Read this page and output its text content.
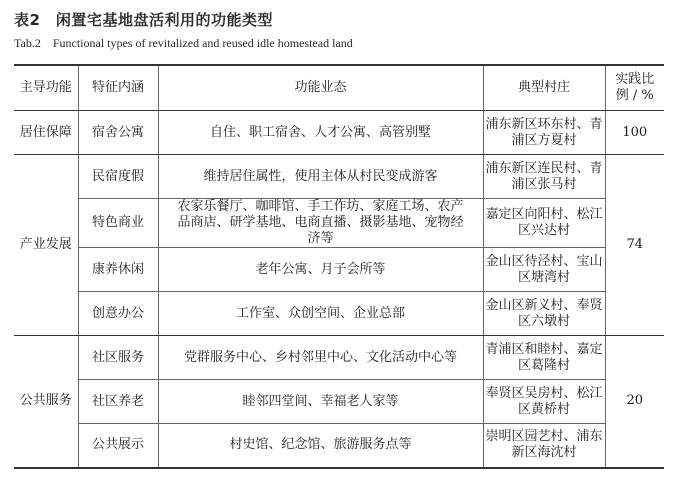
表2　闲置宅基地盘活利用的功能类型
Tab.2　Functional types of revitalized and reused idle homestead land
主导功能	特征内涵	功能业态	典型村庄	实践比例 / %
居住保障	宿舍公寓	自住、职工宿舍、人才公寓、高管别墅	浦东新区环东村、青浦区方夏村	100
产业发展	民宿度假	维持居住属性，使用主体从村民变成游客	浦东新区连民村、青浦区张马村	74
	特色商业	农家乐餐厅、咖啡馆、手工作坊、家庭工场、农产品商店、研学基地、电商直播、摄影基地、宠物经济等	嘉定区向阳村、松江区兴达村	
	康养休闲	老年公寓、月子会所等	金山区待泾村、宝山区塘湾村	
	创意办公	工作室、众创空间、企业总部	金山区新义村、奉贤区六墩村	
公共服务	社区服务	党群服务中心、乡村邻里中心、文化活动中心等	青浦区和睦村、嘉定区葛隆村	20
	社区养老	睦邻四堂间、幸福老人家等	奉贤区吴房村、松江区黄桥村	
	公共展示	村史馆、纪念馆、旅游服务点等	崇明区园艺村、浦东新区海沈村	
